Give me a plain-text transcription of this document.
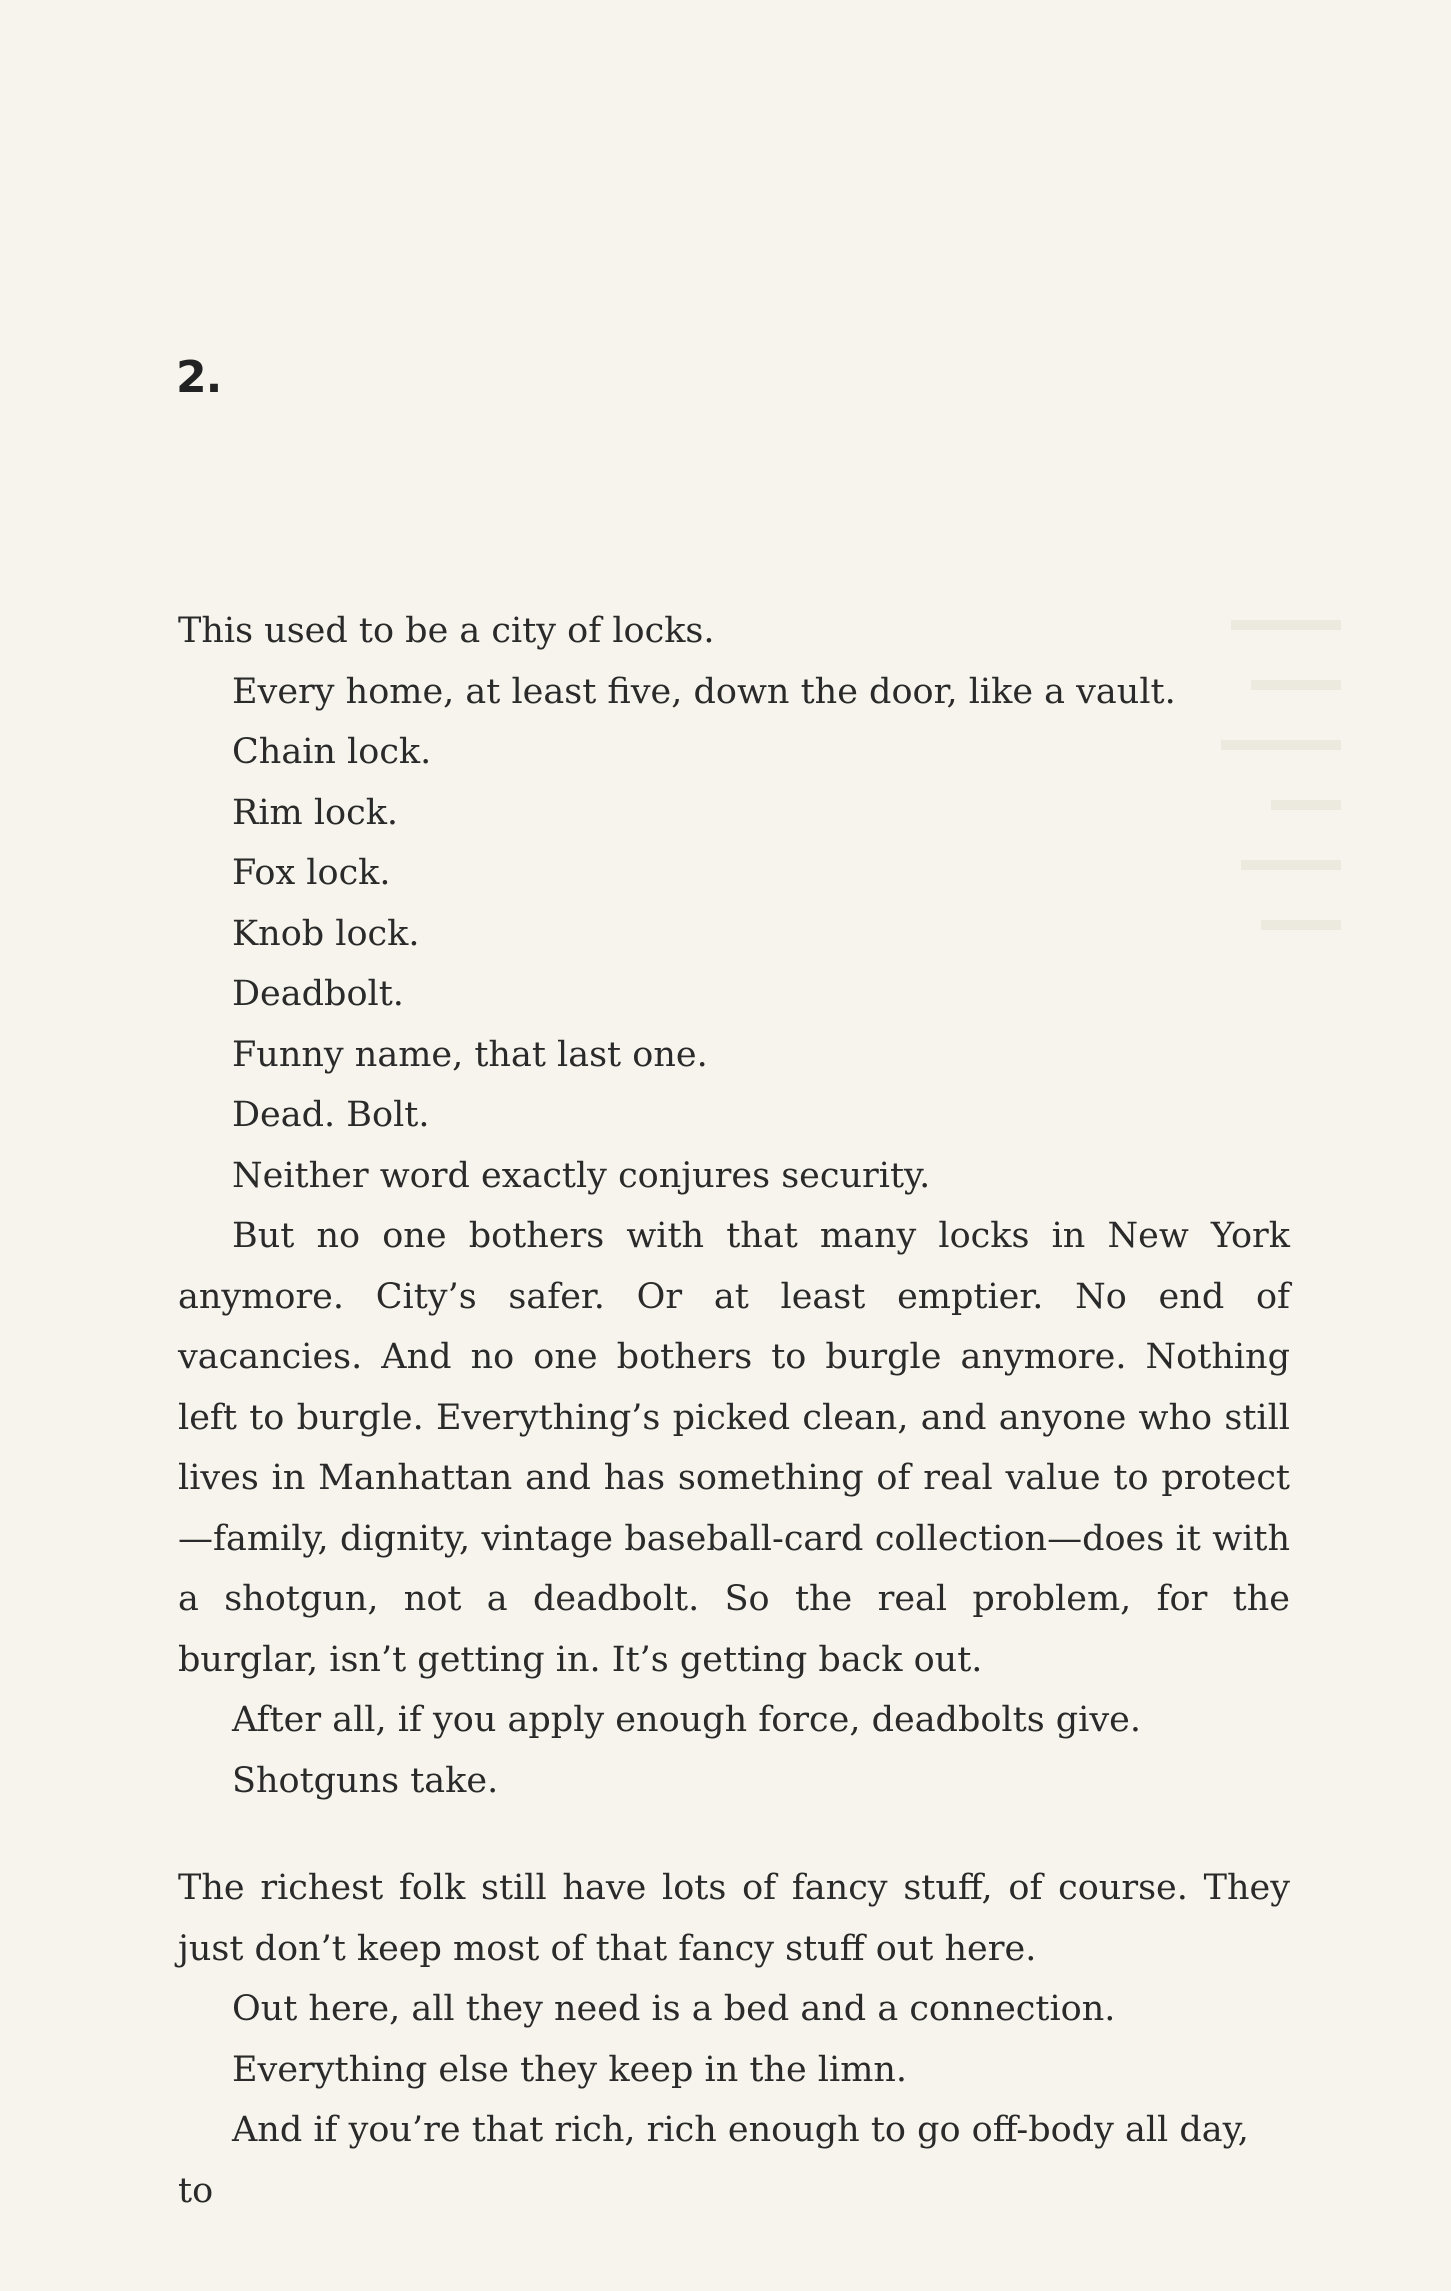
2.

This used to be a city of locks.

Every home, at least five, down the door, like a vault.

Chain lock.

Rim lock.

Fox lock.

Knob lock.

Deadbolt.

Funny name, that last one.

Dead. Bolt.

Neither word exactly conjures security.

But no one bothers with that many locks in New York anymore. City’s safer. Or at least emptier. No end of vacancies. And no one bothers to burgle anymore. Nothing left to burgle. Everything’s picked clean, and anyone who still lives in Manhattan and has something of real value to protect—family, dignity, vintage baseball-card collection—does it with a shotgun, not a deadbolt. So the real problem, for the burglar, isn’t getting in. It’s getting back out.

After all, if you apply enough force, deadbolts give.

Shotguns take.

The richest folk still have lots of fancy stuff, of course. They just don’t keep most of that fancy stuff out here.

Out here, all they need is a bed and a connection.

Everything else they keep in the limn.

And if you’re that rich, rich enough to go off-body all day, to
